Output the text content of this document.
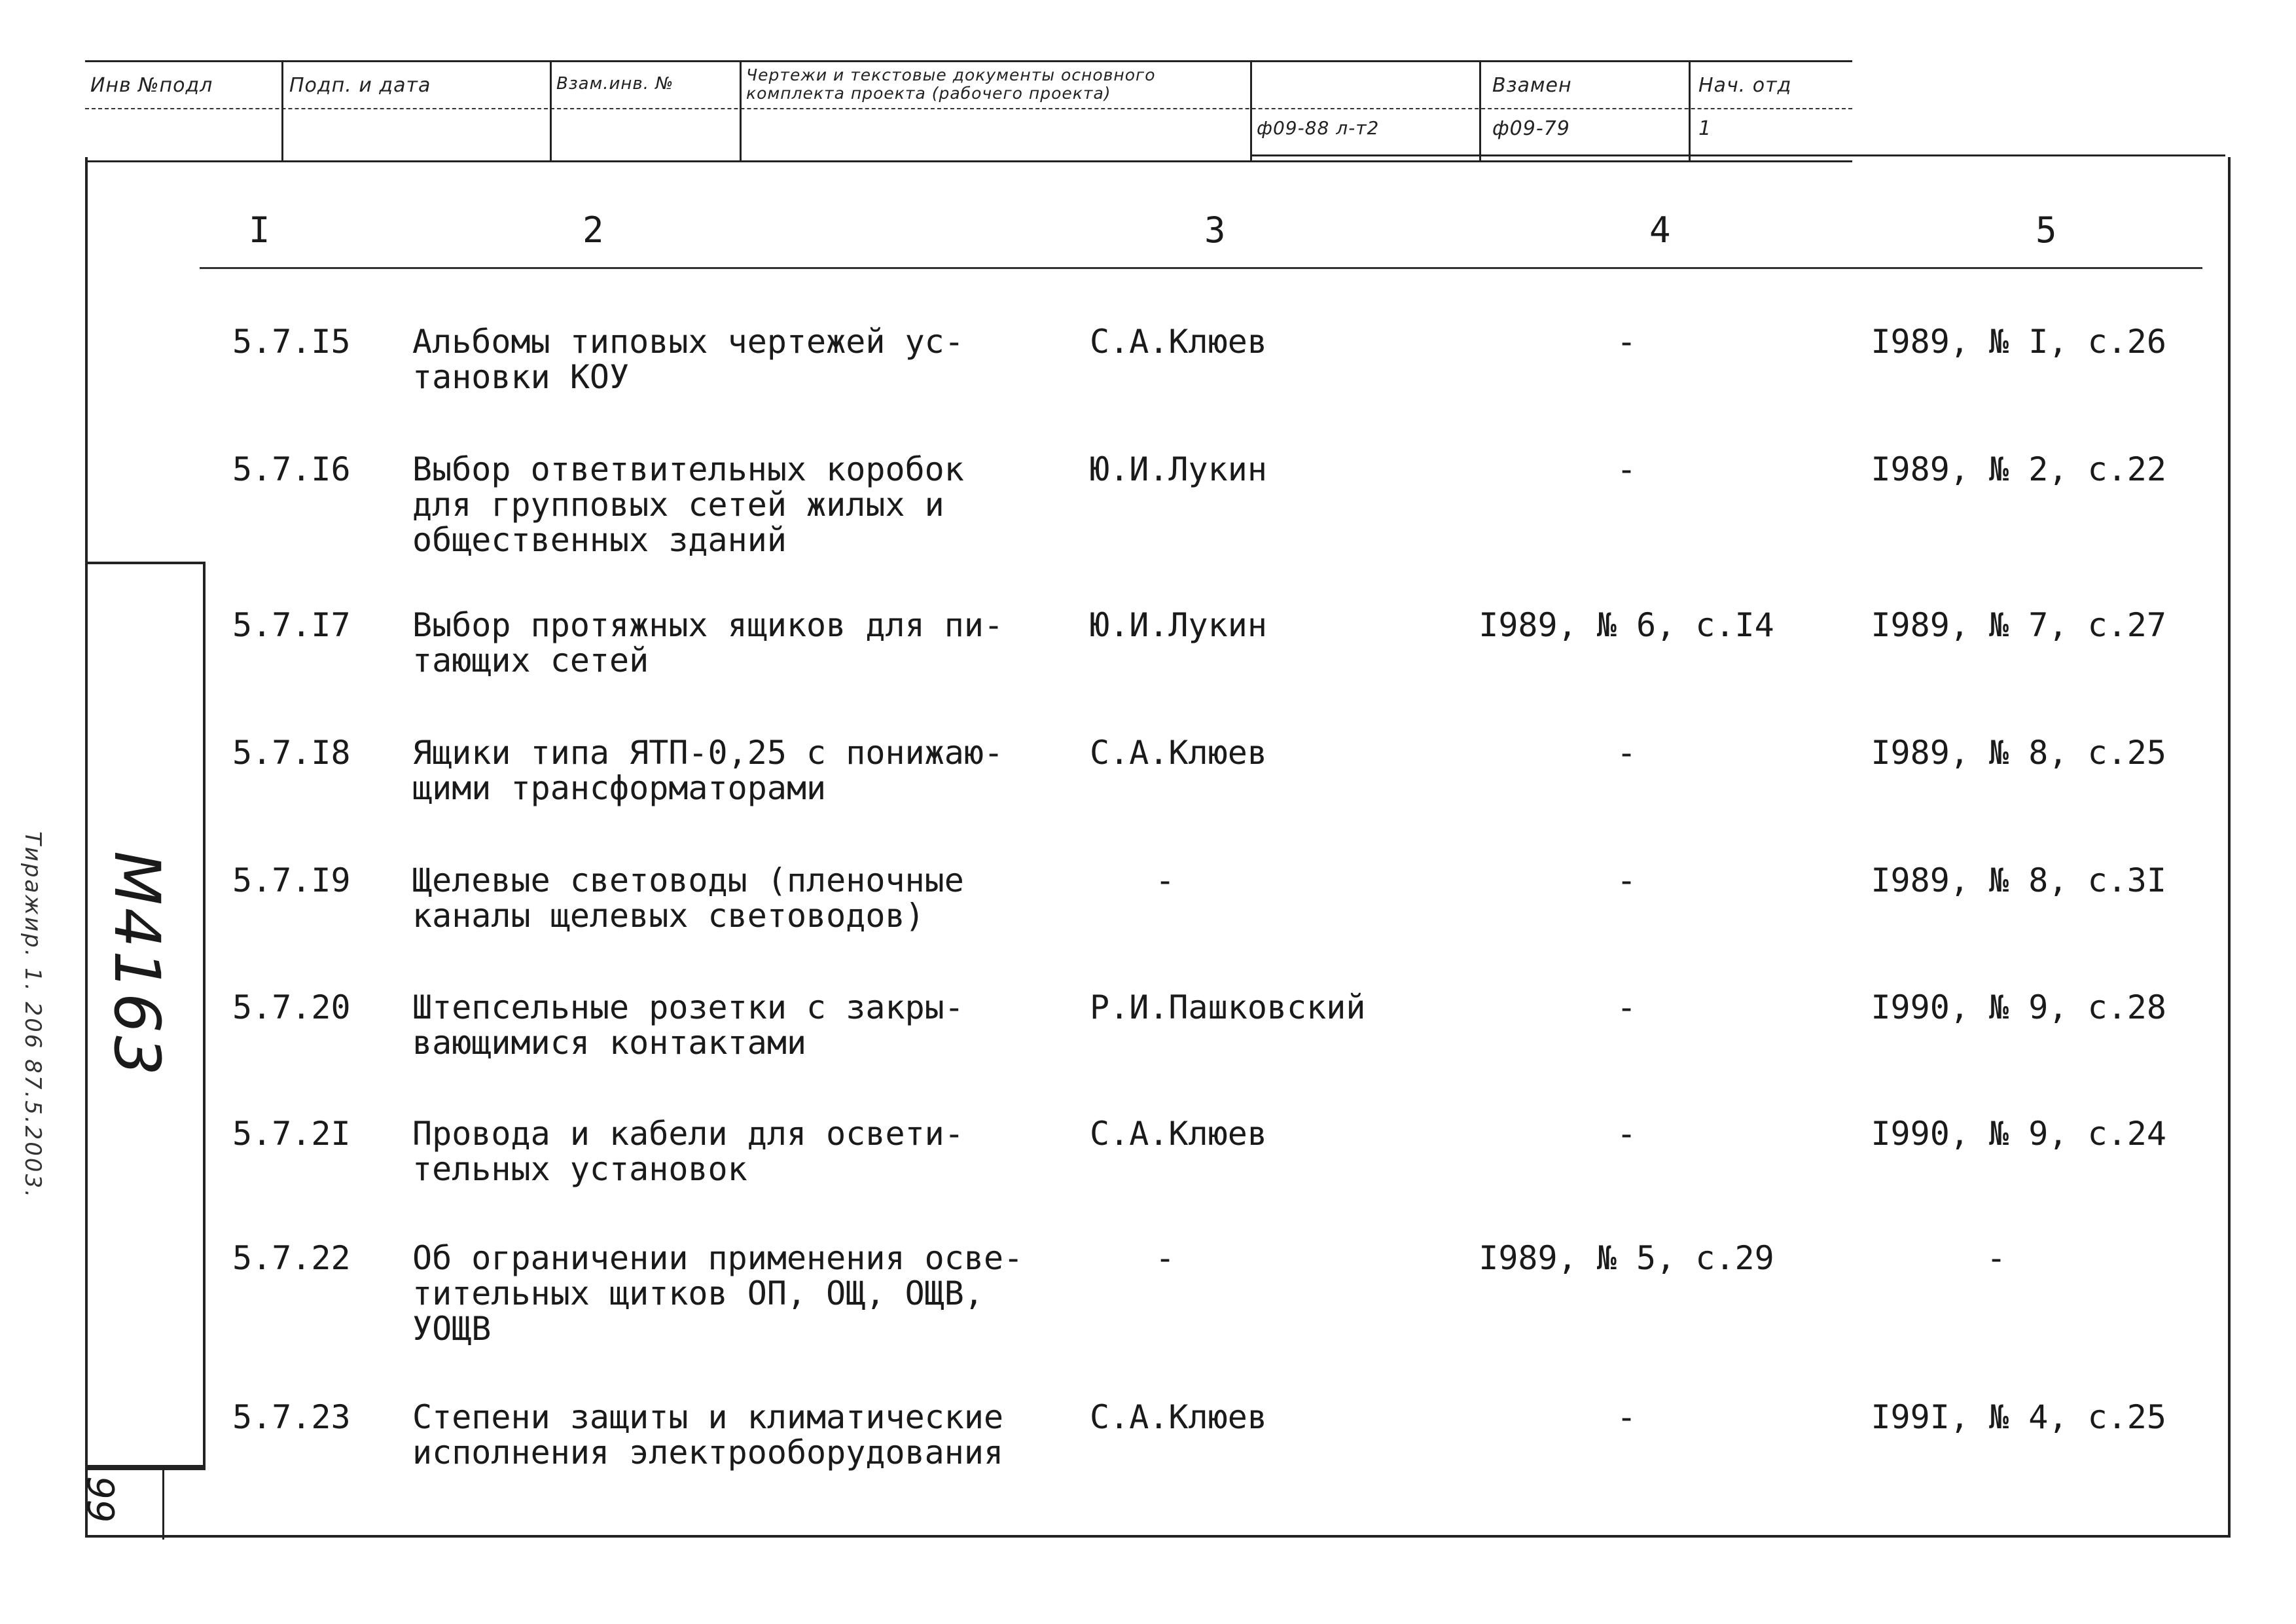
Инв №подл	Подп. и дата	Взам.инв. №	Чертежи и текстовые документы основного комплекта проекта (рабочего проекта)
ф09-88 л-т2
Взамен
ф09-79
Нач. отд
1
Тиражир. 1. 206 87.5.2003. М4163
99
I	2	3	4	5
5.7.I5 Альбомы типовых чертежей ус-
тановки КОУ
С.А.Клюев	-	I989, № I, с.26
5.7.I6 Выбор ответвительных коробок
для групповых сетей жилых и
общественных зданий
Ю.И.Лукин	-	I989, № 2, с.22
5.7.I7 Выбор протяжных ящиков для пи-
тающих сетей
Ю.И.Лукин	I989, № 6, с.I4	I989, № 7, с.27
5.7.I8 Ящики типа ЯТП-0,25 с понижаю-
щими трансформаторами
С.А.Клюев	-	I989, № 8, с.25
5.7.I9 Щелевые световоды (пленочные
каналы щелевых световодов)
-	-	I989, № 8, с.3I
5.7.20 Штепсельные розетки с закры-
вающимися контактами
Р.И.Пашковский	-	I990, № 9, с.28
5.7.2I Провода и кабели для освети-
тельных установок
С.А.Клюев	-	I990, № 9, с.24
5.7.22 Об ограничении применения осве-
тительных щитков ОП, ОЩ, ОЩВ,
УОЩВ
-	I989, № 5, с.29	-
5.7.23 Степени защиты и климатические
исполнения электрооборудования
С.А.Клюев	-	I99I, № 4, с.25
